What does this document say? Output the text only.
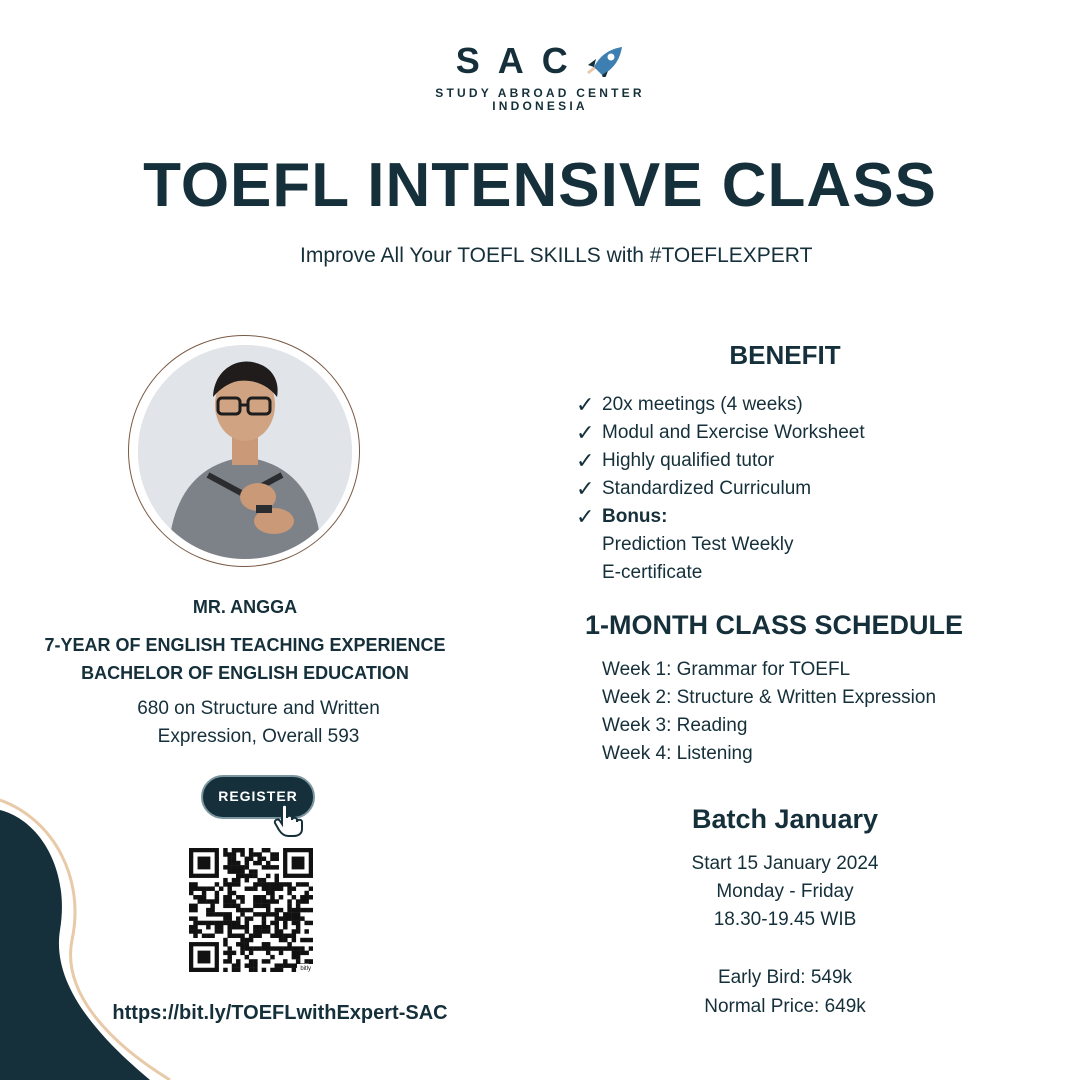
SAC
STUDY ABROAD CENTER
INDONESIA
TOEFL INTENSIVE CLASS
Improve All Your TOEFL SKILLS with #TOEFLEXPERT
MR. ANGGA
7-YEAR OF ENGLISH TEACHING EXPERIENCE
BACHELOR OF ENGLISH EDUCATION
680 on Structure and Written
Expression, Overall 593
REGISTER
bitly
https://bit.ly/TOEFLwithExpert-SAC
BENEFIT
✓ 20x meetings (4 weeks)
✓ Modul and Exercise Worksheet
✓ Highly qualified tutor
✓ Standardized Curriculum
✓ Bonus:
Prediction Test Weekly
E-certificate
1-MONTH CLASS SCHEDULE
Week 1: Grammar for TOEFL
Week 2: Structure & Written Expression
Week 3: Reading
Week 4: Listening
Batch January
Start 15 January 2024
Monday - Friday
18.30-19.45 WIB
Early Bird: 549k
Normal Price: 649k
